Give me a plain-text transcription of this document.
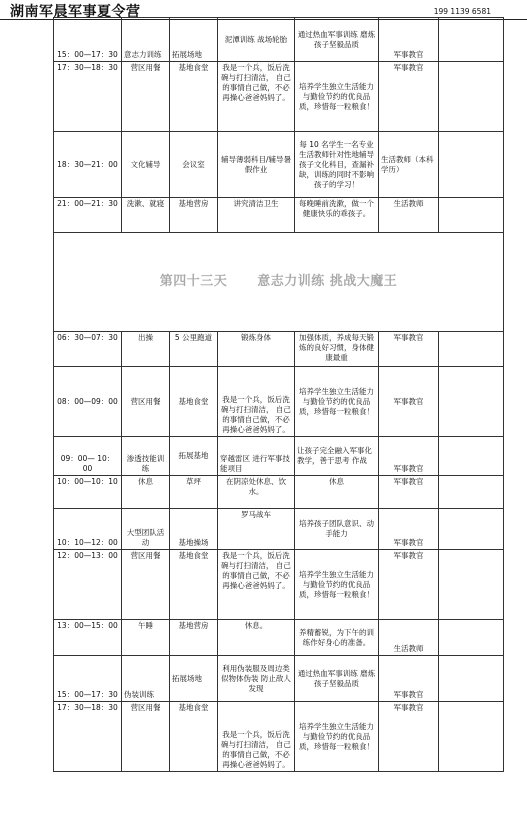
湖南军晨军事夏令营	199 1139 6581
15：00—17：30	意志力训练	拓展场地	泥潭训练 战场轮胎	通过热血军事训练 磨炼孩子坚毅品质	军事教官	
17：30—18：30	营区用餐	基地食堂	我是一个兵，饭后洗碗与打扫清洁， 自己的事情自己做，不必再操心爸爸妈妈了。	培养学生独立生活能力与勤俭节约的优良品质，珍惜每一粒粮食！	军事教官	
18：30—21：00	文化辅导	会议室	辅导薄弱科目/辅导暑假作业	每 10 名学生一名专业生活教师针对性地辅导孩子文化科目，查漏补缺，训练的同时不影响孩子的学习！	生活教师（本科学历）	
21：00—21：30	洗漱、就寝	基地营房	讲究清洁卫生	每晚睡前洗漱，做一个健康快乐的乖孩子。	生活教师	
第四十三天 意志力训练 挑战大魔王						
06：30—07：30	出操	5 公里跑道	锻炼身体	加强体质，养成每天锻炼的良好习惯，身体健康最重	军事教官	
08：00—09：00	营区用餐	基地食堂	我是一个兵，饭后洗碗与打扫清洁， 自己的事情自己做，不必再操心爸爸妈妈了。	培养学生独立生活能力与勤俭节约的优良品质，珍惜每一粒粮食！	军事教官	
09：00— 10：00	渗透技能训练	拓展基地	穿越雷区 进行军事技能项目	让孩子完全融入军事化教学，善于思考 作战	军事教官	
10：00—10：10	休息	草坪	在阴凉处休息、饮水。	休息	军事教官	
10：10—12：00	大型团队活动	基地操场	罗马战车	培养孩子团队意识、动手能力	军事教官	
12：00—13：00	营区用餐	基地食堂	我是一个兵，饭后洗碗与打扫清洁， 自己的事情自己做，不必再操心爸爸妈妈了。	培养学生独立生活能力与勤俭节约的优良品质，珍惜每一粒粮食！	军事教官	
13：00—15：00	午睡	基地营房	休息。	养精蓄锐，为下午的训练作好身心的准备。	生活教师	
15：00—17：30	伪装训练	拓展场地	利用伪装服及周边类似物体伪装 防止敌人发现	通过热血军事训练 磨炼孩子坚毅品质	军事教官	
17：30—18：30	营区用餐	基地食堂	我是一个兵，饭后洗碗与打扫清洁， 自己的事情自己做，不必再操心爸爸妈妈了。	培养学生独立生活能力与勤俭节约的优良品质，珍惜每一粒粮食！	军事教官	
